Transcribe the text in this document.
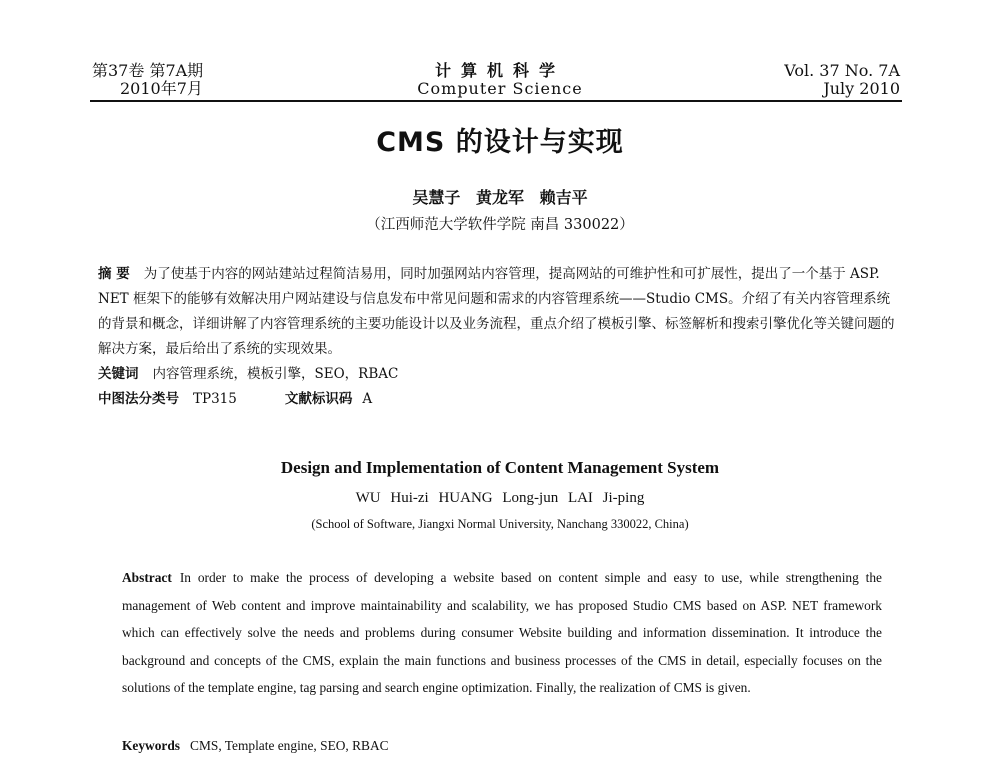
第37卷 第7A期
2010年7月
计算机科学
Computer Science
Vol. 37 No. 7A
July 2010
CMS 的设计与实现
吴慧子 黄龙军 赖吉平
（江西师范大学软件学院 南昌 330022）
摘 要 为了使基于内容的网站建站过程简洁易用，同时加强网站内容管理，提高网站的可维护性和可扩展性，提出了一个基于 ASP. NET 框架下的能够有效解决用户网站建设与信息发布中常见问题和需求的内容管理系统——Studio CMS。介绍了有关内容管理系统的背景和概念，详细讲解了内容管理系统的主要功能设计以及业务流程，重点介绍了模板引擎、标签解析和搜索引擎优化等关键问题的解决方案，最后给出了系统的实现效果。
关键词 内容管理系统，模板引擎，SEO，RBAC
中图法分类号 TP315	文献标识码 A
Design and Implementation of Content Management System
WU Hui-zi HUANG Long-jun LAI Ji-ping
(School of Software, Jiangxi Normal University, Nanchang 330022, China)
Abstract In order to make the process of developing a website based on content simple and easy to use, while strengthening the management of Web content and improve maintainability and scalability, we has proposed Studio CMS based on ASP. NET framework which can effectively solve the needs and problems during consumer Website building and information dissemination. It introduce the background and concepts of the CMS, explain the main functions and business processes of the CMS in detail, especially focuses on the solutions of the template engine, tag parsing and search engine optimization. Finally, the realization of CMS is given.
Keywords CMS, Template engine, SEO, RBAC
